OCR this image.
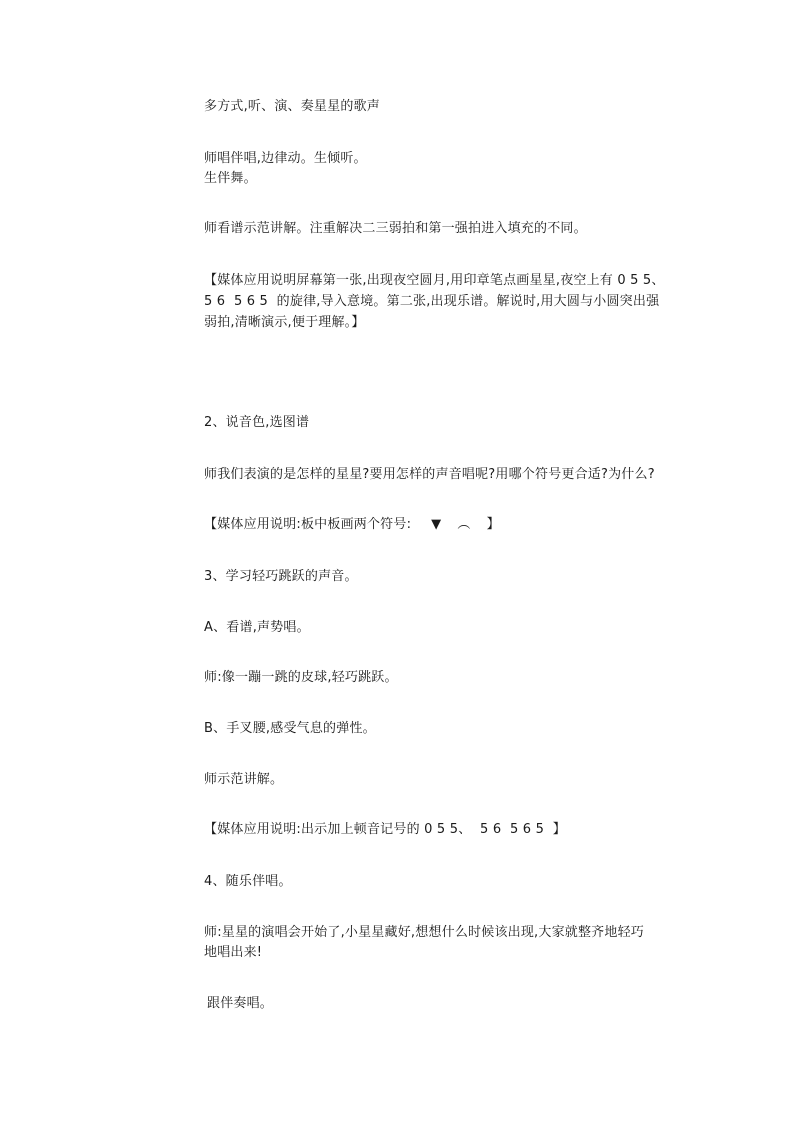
多方式,听、演、奏星星的歌声
师唱伴唱,边律动。生倾听。
生伴舞。
师看谱示范讲解。注重解决二三弱拍和第一强拍进入填充的不同。
【媒体应用说明屏幕第一张,出现夜空圆月,用印章笔点画星星,夜空上有 0 5 5、
5 6  5 6 5  的旋律,导入意境。第二张,出现乐谱。解说时,用大圆与小圆突出强
弱拍,清晰演示,便于理解。】
2、说音色,选图谱
师我们表演的是怎样的星星?要用怎样的声音唱呢?用哪个符号更合适?为什么?
【媒体应用说明:板中板画两个符号: ▼ ︵ 】
3、学习轻巧跳跃的声音。
A、看谱,声势唱。
师:像一蹦一跳的皮球,轻巧跳跃。
B、手叉腰,感受气息的弹性。
师示范讲解。
【媒体应用说明:出示加上顿音记号的 0 5 5、  5 6  5 6 5  】
4、随乐伴唱。
师:星星的演唱会开始了,小星星藏好,想想什么时候该出现,大家就整齐地轻巧
地唱出来!
跟伴奏唱。
